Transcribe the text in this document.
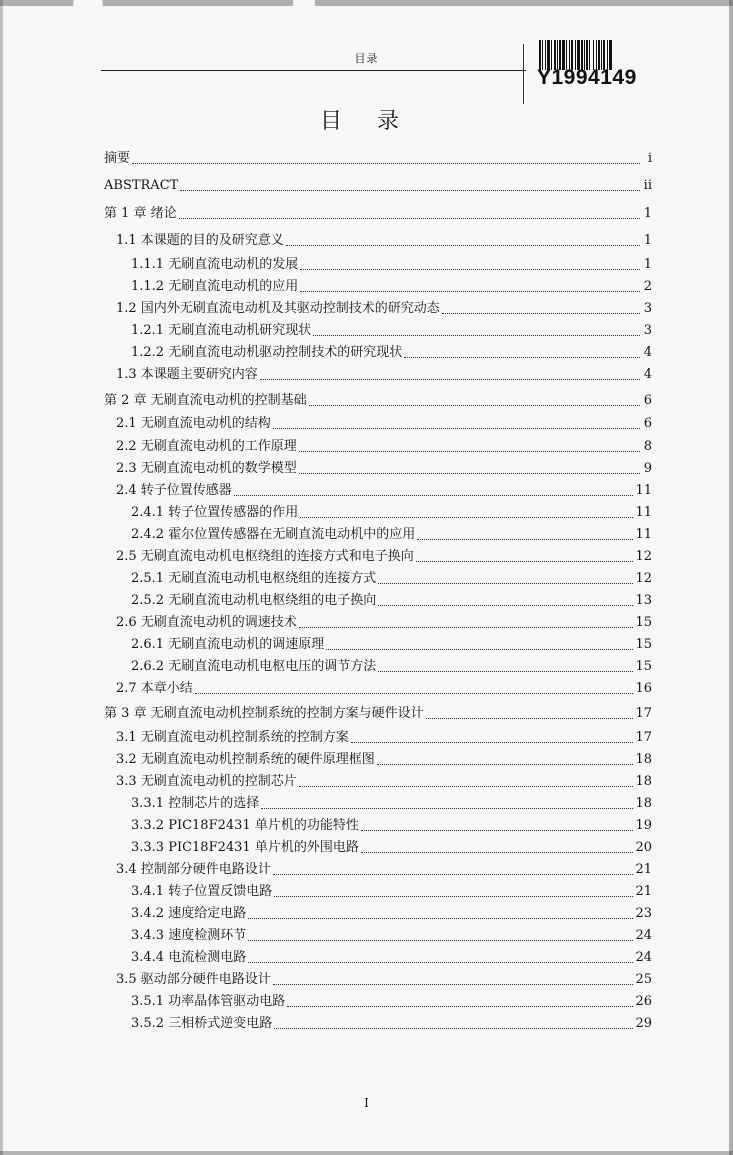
目录
Y1994149
目 录
摘要	i
ABSTRACT	ii
第 1 章 绪论	1
1.1 本课题的目的及研究意义	1
1.1.1 无刷直流电动机的发展	1
1.1.2 无刷直流电动机的应用	2
1.2 国内外无刷直流电动机及其驱动控制技术的研究动态	3
1.2.1 无刷直流电动机研究现状	3
1.2.2 无刷直流电动机驱动控制技术的研究现状	4
1.3 本课题主要研究内容	4
第 2 章 无刷直流电动机的控制基础	6
2.1 无刷直流电动机的结构	6
2.2 无刷直流电动机的工作原理	8
2.3 无刷直流电动机的数学模型	9
2.4 转子位置传感器	11
2.4.1 转子位置传感器的作用	11
2.4.2 霍尔位置传感器在无刷直流电动机中的应用	11
2.5 无刷直流电动机电枢绕组的连接方式和电子换向	12
2.5.1 无刷直流电动机电枢绕组的连接方式	12
2.5.2 无刷直流电动机电枢绕组的电子换向	13
2.6 无刷直流电动机的调速技术	15
2.6.1 无刷直流电动机的调速原理	15
2.6.2 无刷直流电动机电枢电压的调节方法	15
2.7 本章小结	16
第 3 章 无刷直流电动机控制系统的控制方案与硬件设计	17
3.1 无刷直流电动机控制系统的控制方案	17
3.2 无刷直流电动机控制系统的硬件原理框图	18
3.3 无刷直流电动机的控制芯片	18
3.3.1 控制芯片的选择	18
3.3.2 PIC18F2431 单片机的功能特性	19
3.3.3 PIC18F2431 单片机的外围电路	20
3.4 控制部分硬件电路设计	21
3.4.1 转子位置反馈电路	21
3.4.2 速度给定电路	23
3.4.3 速度检测环节	24
3.4.4 电流检测电路	24
3.5 驱动部分硬件电路设计	25
3.5.1 功率晶体管驱动电路	26
3.5.2 三相桥式逆变电路	29
I
